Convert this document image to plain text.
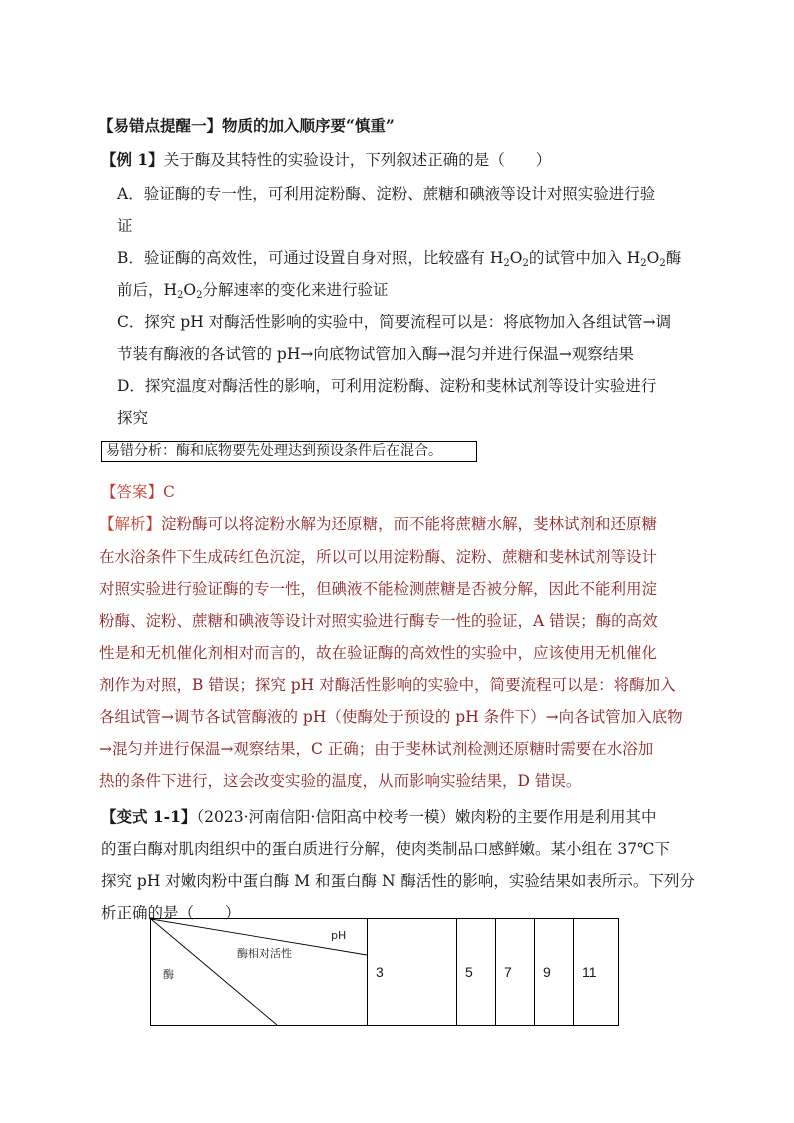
【易错点提醒一】物质的加入顺序要“慎重”
【例 1】关于酶及其特性的实验设计，下列叙述正确的是（　　）
A．验证酶的专一性，可利用淀粉酶、淀粉、蔗糖和碘液等设计对照实验进行验
证
B．验证酶的高效性，可通过设置自身对照，比较盛有 $H_2O_2$的试管中加入 $H_2O_2$酶
前后，$H_2O_2$分解速率的变化来进行验证
C．探究 pH 对酶活性影响的实验中，简要流程可以是：将底物加入各组试管→调
节装有酶液的各试管的 pH→向底物试管加入酶→混匀并进行保温→观察结果
D．探究温度对酶活性的影响，可利用淀粉酶、淀粉和斐林试剂等设计实验进行
探究
易错分析：酶和底物要先处理达到预设条件后在混合。
【答案】C
【解析】淀粉酶可以将淀粉水解为还原糖，而不能将蔗糖水解，斐林试剂和还原糖
在水浴条件下生成砖红色沉淀，所以可以用淀粉酶、淀粉、蔗糖和斐林试剂等设计
对照实验进行验证酶的专一性，但碘液不能检测蔗糖是否被分解，因此不能利用淀
粉酶、淀粉、蔗糖和碘液等设计对照实验进行酶专一性的验证，A 错误；酶的高效
性是和无机催化剂相对而言的，故在验证酶的高效性的实验中，应该使用无机催化
剂作为对照，B 错误；探究 pH 对酶活性影响的实验中，简要流程可以是：将酶加入
各组试管→调节各试管酶液的 pH（使酶处于预设的 pH 条件下）→向各试管加入底物
→混匀并进行保温→观察结果，C 正确；由于斐林试剂检测还原糖时需要在水浴加
热的条件下进行，这会改变实验的温度，从而影响实验结果，D 错误。
【变式 1-1】（2023·河南信阳·信阳高中校考一模）嫩肉粉的主要作用是利用其中
的蛋白酶对肌肉组织中的蛋白质进行分解，使肉类制品口感鲜嫩。某小组在 37℃下
探究 pH 对嫩肉粉中蛋白酶 M 和蛋白酶 N 酶活性的影响，实验结果如表所示。下列分
析正确的是（　　）
pH
酶相对活性
酶	3	5	7	9	11
